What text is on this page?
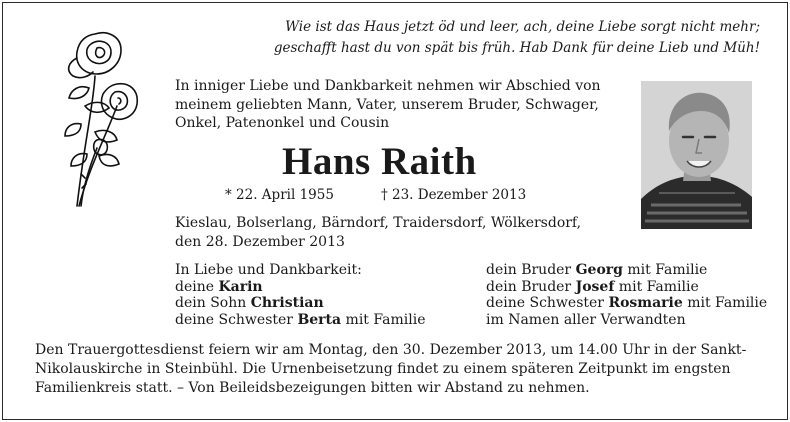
Wie ist das Haus jetzt öd und leer, ach, deine Liebe sorgt nicht mehr;
geschafft hast du von spät bis früh. Hab Dank für deine Lieb und Müh!
In inniger Liebe und Dankbarkeit nehmen wir Abschied von
meinem geliebten Mann, Vater, unserem Bruder, Schwager,
Onkel, Patenonkel und Cousin
Hans Raith
* 22. April 1955	† 23. Dezember 2013
Kieslau, Bolserlang, Bärndorf, Traidersdorf, Wölkersdorf,
den 28. Dezember 2013
In Liebe und Dankbarkeit:
deine Karin
dein Sohn Christian
deine Schwester Berta mit Familie
dein Bruder Georg mit Familie
dein Bruder Josef mit Familie
deine Schwester Rosmarie mit Familie
im Namen aller Verwandten
Den Trauergottesdienst feiern wir am Montag, den 30. Dezember 2013, um 14.00 Uhr in der Sankt-
Nikolauskirche in Steinbühl. Die Urnenbeisetzung findet zu einem späteren Zeitpunkt im engsten
Familienkreis statt. – Von Beileidsbezeigungen bitten wir Abstand zu nehmen.
